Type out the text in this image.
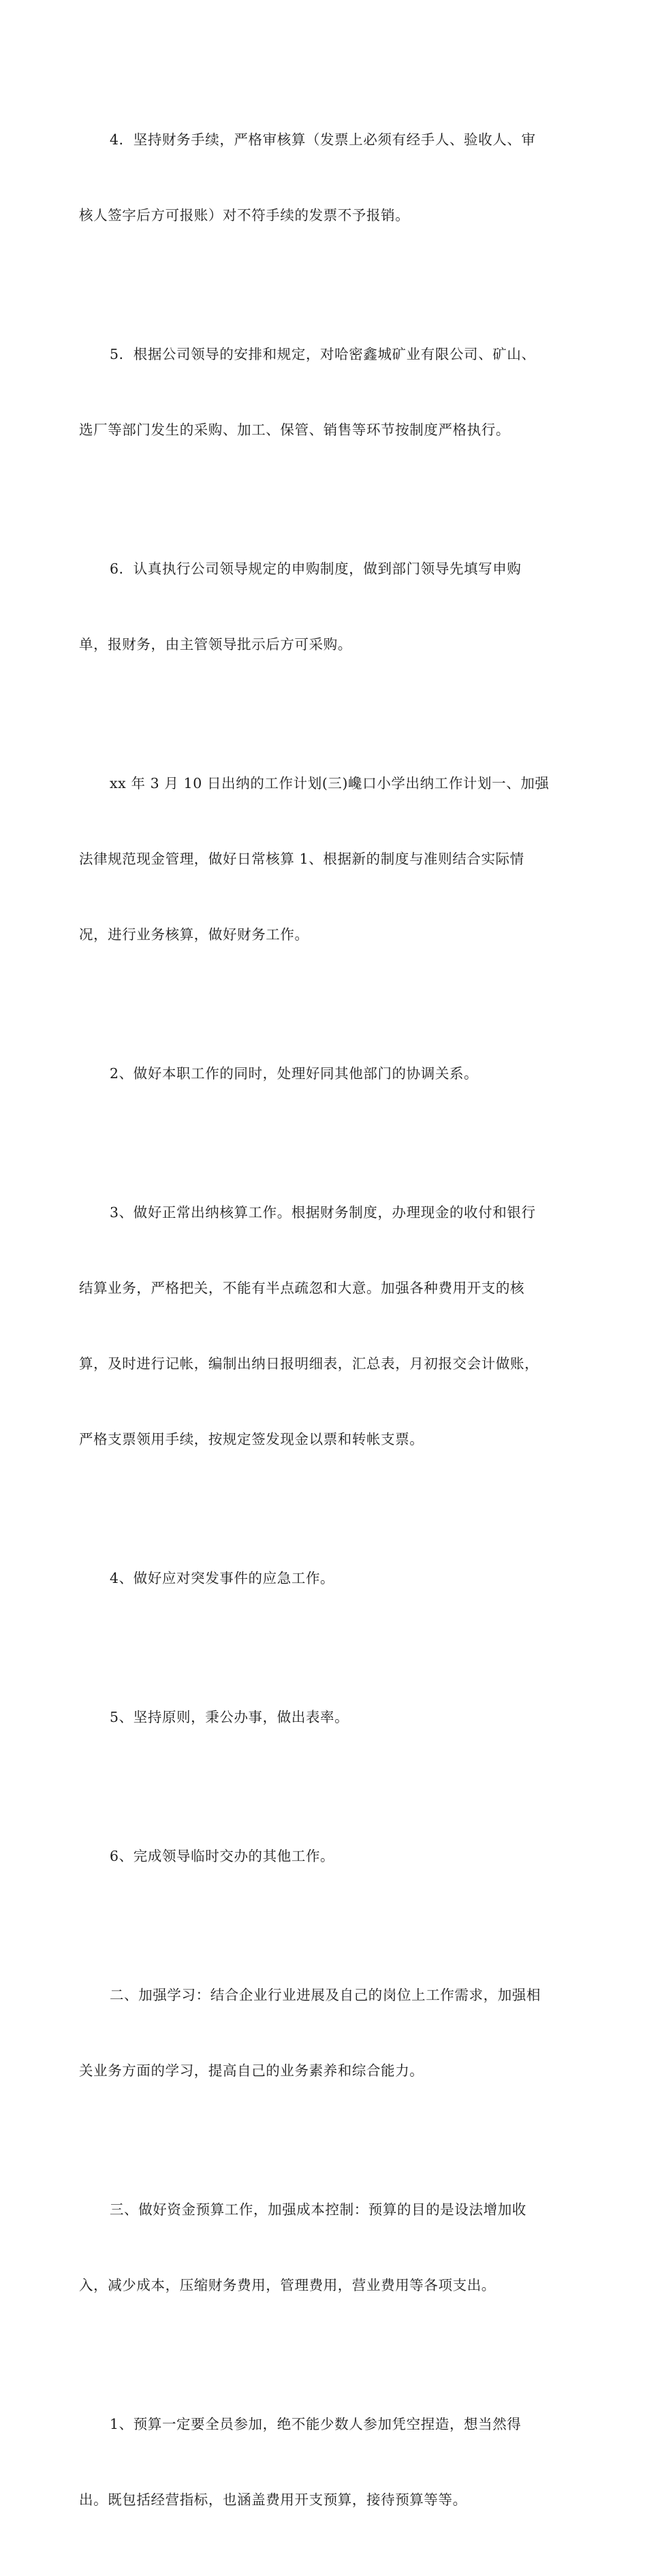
4．坚持财务手续，严格审核算（发票上必须有经手人、验收人、审

核人签字后方可报账）对不符手续的发票不予报销。

5．根据公司领导的安排和规定，对哈密鑫城矿业有限公司、矿山、

选厂等部门发生的采购、加工、保管、销售等环节按制度严格执行。

6．认真执行公司领导规定的申购制度，做到部门领导先填写申购

单，报财务，由主管领导批示后方可采购。

xx 年 3 月 10 日出纳的工作计划(三)巉口小学出纳工作计划一、加强

法律规范现金管理，做好日常核算 1、根据新的制度与准则结合实际情

况，进行业务核算，做好财务工作。

2、做好本职工作的同时，处理好同其他部门的协调关系。

3、做好正常出纳核算工作。根据财务制度，办理现金的收付和银行

结算业务，严格把关，不能有半点疏忽和大意。加强各种费用开支的核

算，及时进行记帐，编制出纳日报明细表，汇总表，月初报交会计做账，

严格支票领用手续，按规定签发现金以票和转帐支票。

4、做好应对突发事件的应急工作。

5、坚持原则，秉公办事，做出表率。

6、完成领导临时交办的其他工作。

二、加强学习：结合企业行业进展及自己的岗位上工作需求，加强相

关业务方面的学习，提高自己的业务素养和综合能力。

三、做好资金预算工作，加强成本控制：预算的目的是设法增加收

入，减少成本，压缩财务费用，管理费用，营业费用等各项支出。

1、预算一定要全员参加，绝不能少数人参加凭空捏造，想当然得

出。既包括经营指标，也涵盖费用开支预算，接待预算等等。
